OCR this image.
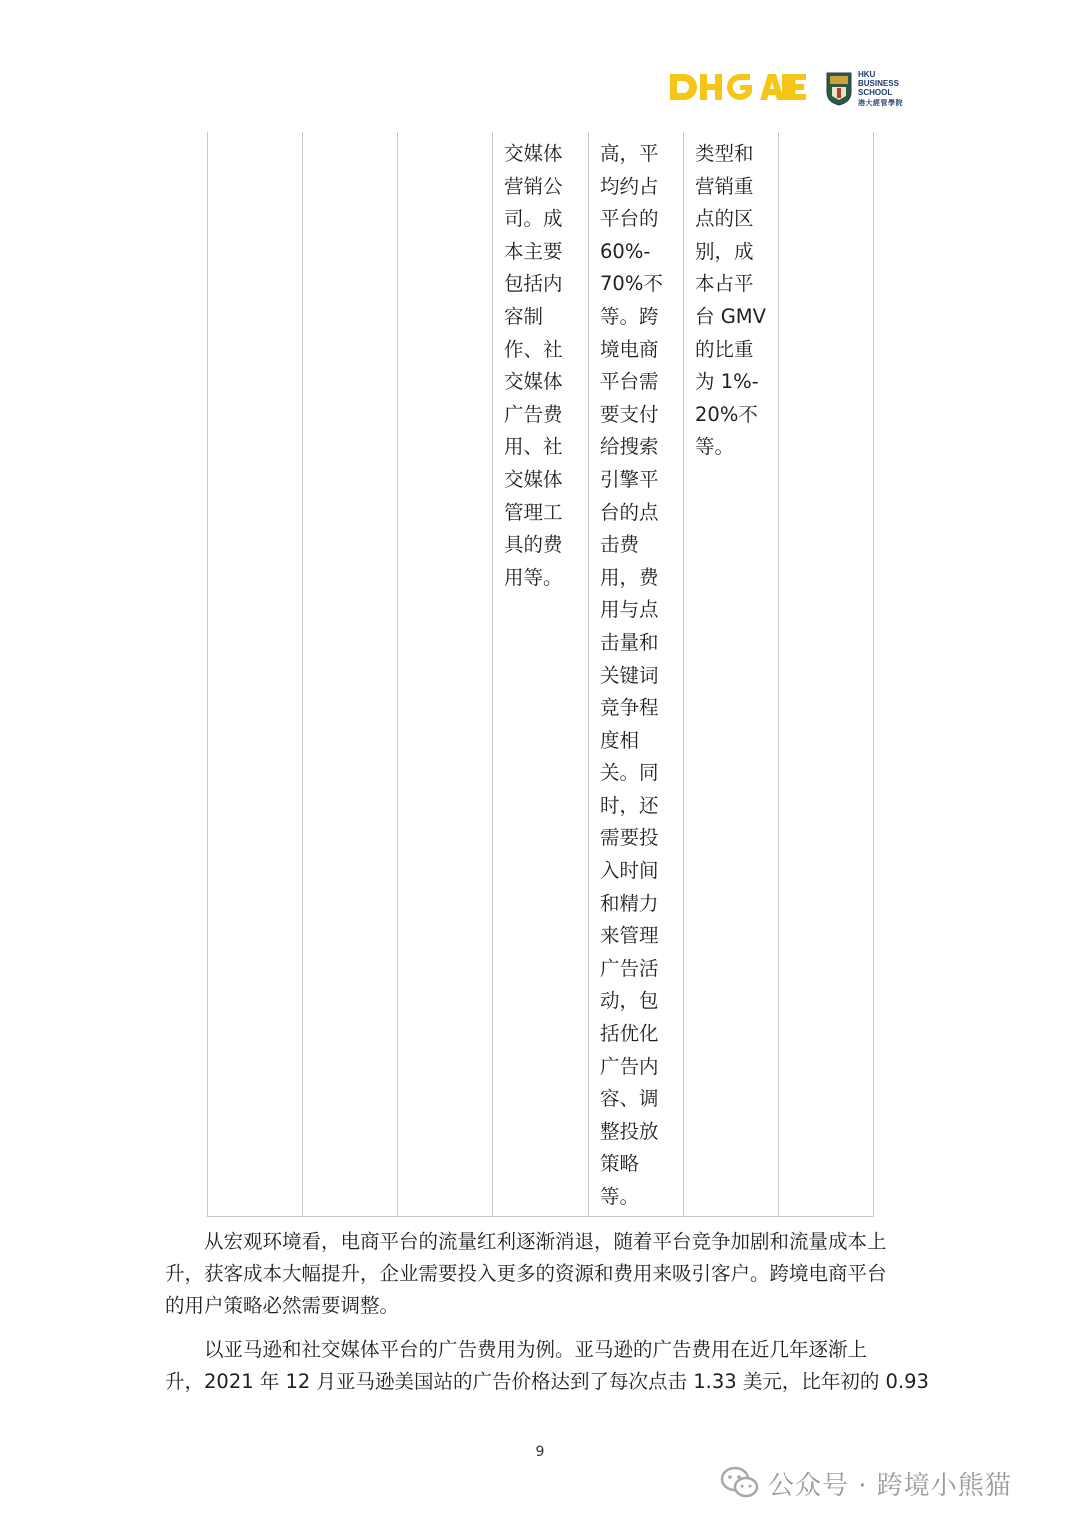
HKU
BUSINESS
SCHOOL
港大經管學院
交媒体
营销公
司。成
本主要
包括内
容制
作、社
交媒体
广告费
用、社
交媒体
管理工
具的费
用等。
高，平
均约占
平台的
60%-
70%不
等。跨
境电商
平台需
要支付
给搜索
引擎平
台的点
击费
用，费
用与点
击量和
关键词
竞争程
度相
关。同
时，还
需要投
入时间
和精力
来管理
广告活
动，包
括优化
广告内
容、调
整投放
策略
等。
类型和
营销重
点的区
别，成
本占平
台 GMV
的比重
为 1%-
20%不
等。
从宏观环境看，电商平台的流量红利逐渐消退，随着平台竞争加剧和流量成本上
升，获客成本大幅提升，企业需要投入更多的资源和费用来吸引客户。跨境电商平台
的用户策略必然需要调整。
以亚马逊和社交媒体平台的广告费用为例。亚马逊的广告费用在近几年逐渐上
升，2021 年 12 月亚马逊美国站的广告价格达到了每次点击 1.33 美元，比年初的 0.93
9
公众号 · 跨境小熊猫
